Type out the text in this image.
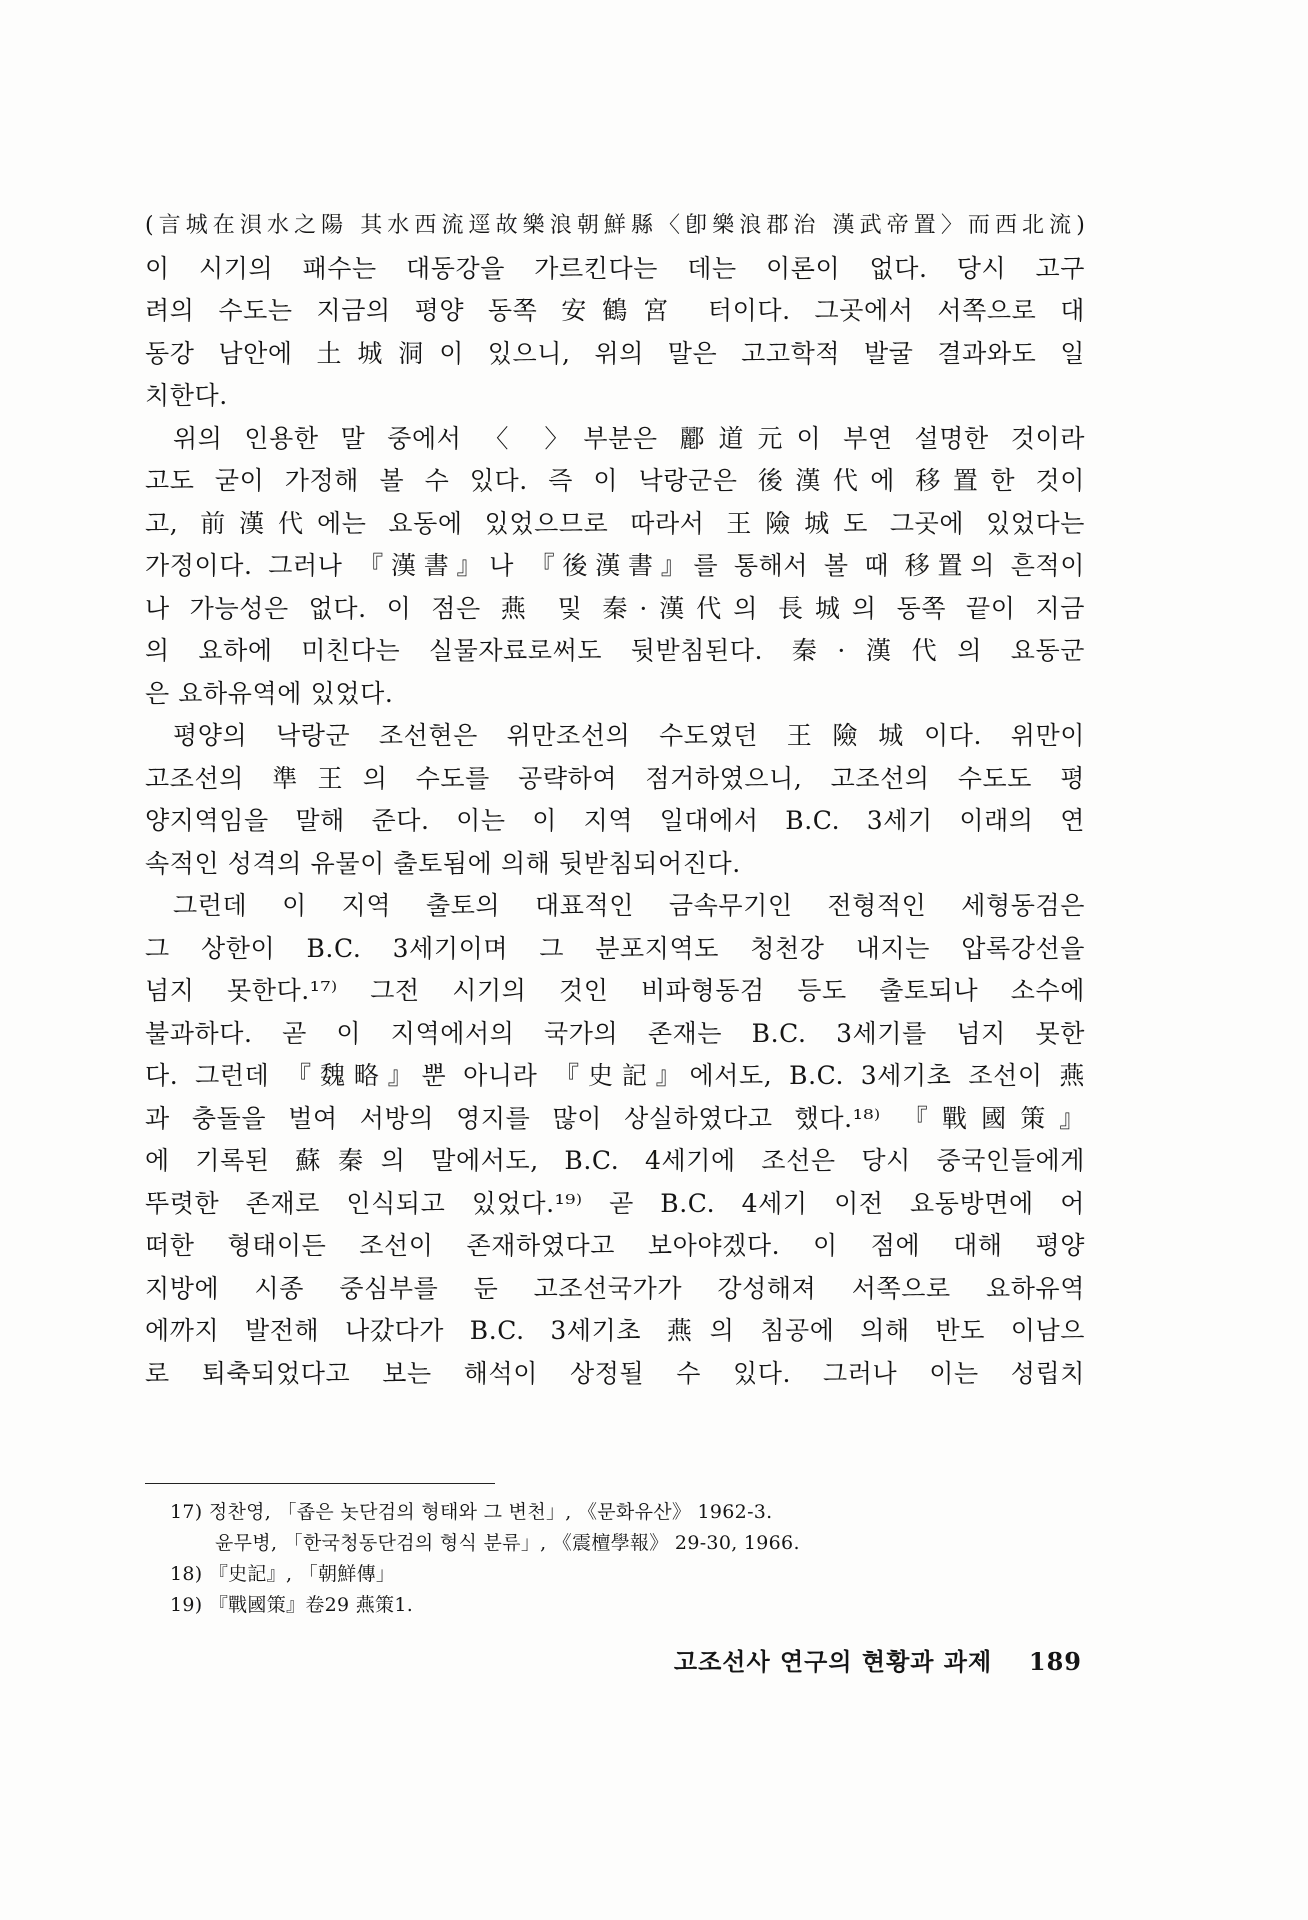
(言城在浿水之陽 其水西流逕故樂浪朝鮮縣〈卽樂浪郡治 漢武帝置〉而西北流)
이 시기의 패수는 대동강을 가르킨다는 데는 이론이 없다. 당시 고구
려의 수도는 지금의 평양 동쪽 安鶴宮 터이다. 그곳에서 서쪽으로 대
동강 남안에 土城洞이 있으니, 위의 말은 고고학적 발굴 결과와도 일
치한다.
위의 인용한 말 중에서 〈 〉부분은 酈道元이 부연 설명한 것이라
고도 굳이 가정해 볼 수 있다. 즉 이 낙랑군은 後漢代에 移置한 것이
고, 前漢代에는 요동에 있었으므로 따라서 王險城도 그곳에 있었다는
가정이다. 그러나 『漢書』나 『後漢書』를 통해서 볼 때 移置의 흔적이
나 가능성은 없다. 이 점은 燕 및 秦·漢代의 長城의 동쪽 끝이 지금
의 요하에 미친다는 실물자료로써도 뒷받침된다. 秦·漢代의 요동군
은 요하유역에 있었다.
평양의 낙랑군 조선현은 위만조선의 수도였던 王險城이다. 위만이
고조선의 準王의 수도를 공략하여 점거하였으니, 고조선의 수도도 평
양지역임을 말해 준다. 이는 이 지역 일대에서 B.C. 3세기 이래의 연
속적인 성격의 유물이 출토됨에 의해 뒷받침되어진다.
그런데 이 지역 출토의 대표적인 금속무기인 전형적인 세형동검은
그 상한이 B.C. 3세기이며 그 분포지역도 청천강 내지는 압록강선을
넘지 못한다.¹⁷⁾ 그전 시기의 것인 비파형동검 등도 출토되나 소수에
불과하다. 곧 이 지역에서의 국가의 존재는 B.C. 3세기를 넘지 못한
다. 그런데 『魏略』뿐 아니라 『史記』에서도, B.C. 3세기초 조선이 燕
과 충돌을 벌여 서방의 영지를 많이 상실하였다고 했다.¹⁸⁾ 『戰國策』
에 기록된 蘇秦의 말에서도, B.C. 4세기에 조선은 당시 중국인들에게
뚜렷한 존재로 인식되고 있었다.¹⁹⁾ 곧 B.C. 4세기 이전 요동방면에 어
떠한 형태이든 조선이 존재하였다고 보아야겠다. 이 점에 대해 평양
지방에 시종 중심부를 둔 고조선국가가 강성해져 서쪽으로 요하유역
에까지 발전해 나갔다가 B.C. 3세기초 燕의 침공에 의해 반도 이남으
로 퇴축되었다고 보는 해석이 상정될 수 있다. 그러나 이는 성립치
17) 정찬영, 「좁은 놋단검의 형태와 그 변천」, 《문화유산》 1962-3.
윤무병, 「한국청동단검의 형식 분류」, 《震檀學報》 29-30, 1966.
18) 『史記』, 「朝鮮傳」
19) 『戰國策』卷29 燕策1.
고조선사 연구의 현황과 과제 189
